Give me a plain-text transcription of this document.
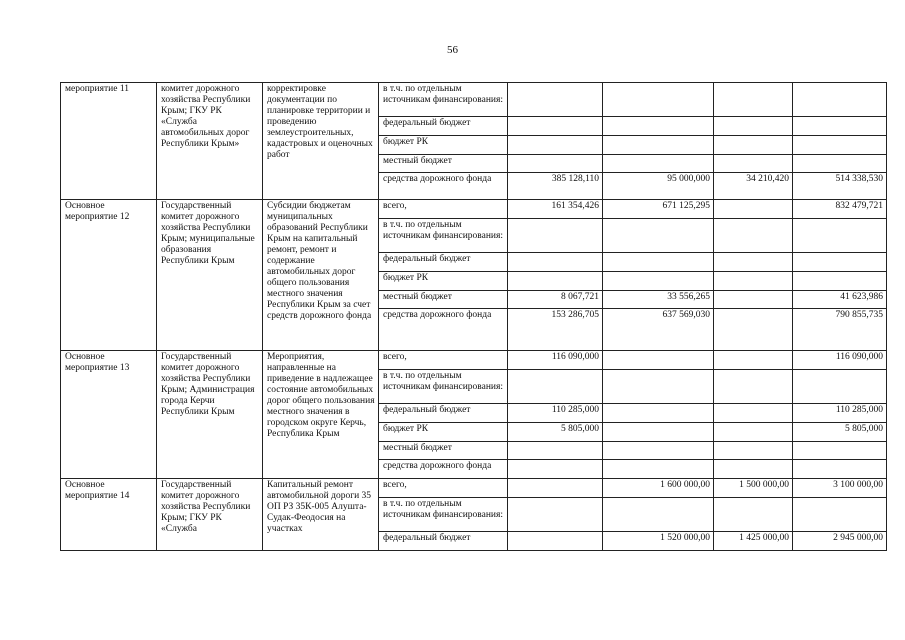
56
мероприятие 11	комитет дорожного хозяйства Республики Крым; ГКУ РК «Служба автомобильных дорог Республики Крым»	корректировке документации по планировке территории и проведению землеустроительных, кадастровых и оценочных работ	в т.ч. по отдельным источникам финансирования:				
			федеральный бюджет				
			бюджет РК				
			местный бюджет				
			средства дорожного фонда	385 128,110	95 000,000	34 210,420	514 338,530
Основное мероприятие 12	Государственный комитет дорожного хозяйства Республики Крым; муниципальные образования Республики Крым	Субсидии бюджетам муниципальных образований Республики Крым на капитальный ремонт, ремонт и содержание автомобильных дорог общего пользования местного значения Республики Крым за счет средств дорожного фонда	всего,	161 354,426	671 125,295		832 479,721
			в т.ч. по отдельным источникам финансирования:				
			федеральный бюджет				
			бюджет РК				
			местный бюджет	8 067,721	33 556,265		41 623,986
			средства дорожного фонда	153 286,705	637 569,030		790 855,735
Основное мероприятие 13	Государственный комитет дорожного хозяйства Республики Крым; Администрация города Керчи Республики Крым	Мероприятия, направленные на приведение в надлежащее состояние автомобильных дорог общего пользования местного значения в городском округе Керчь, Республика Крым	всего,	116 090,000			116 090,000
			в т.ч. по отдельным источникам финансирования:				
			федеральный бюджет	110 285,000			110 285,000
			бюджет РК	5 805,000			5 805,000
			местный бюджет				
			средства дорожного фонда				
Основное мероприятие 14	Государственный комитет дорожного хозяйства Республики Крым; ГКУ РК «Служба	Капитальный ремонт автомобильной дороги 35 ОП РЗ 35К-005 Алушта-Судак-Феодосия на участках	всего,		1 600 000,00	1 500 000,00	3 100 000,00
			в т.ч. по отдельным источникам финансирования:				
			федеральный бюджет		1 520 000,00	1 425 000,00	2 945 000,00
